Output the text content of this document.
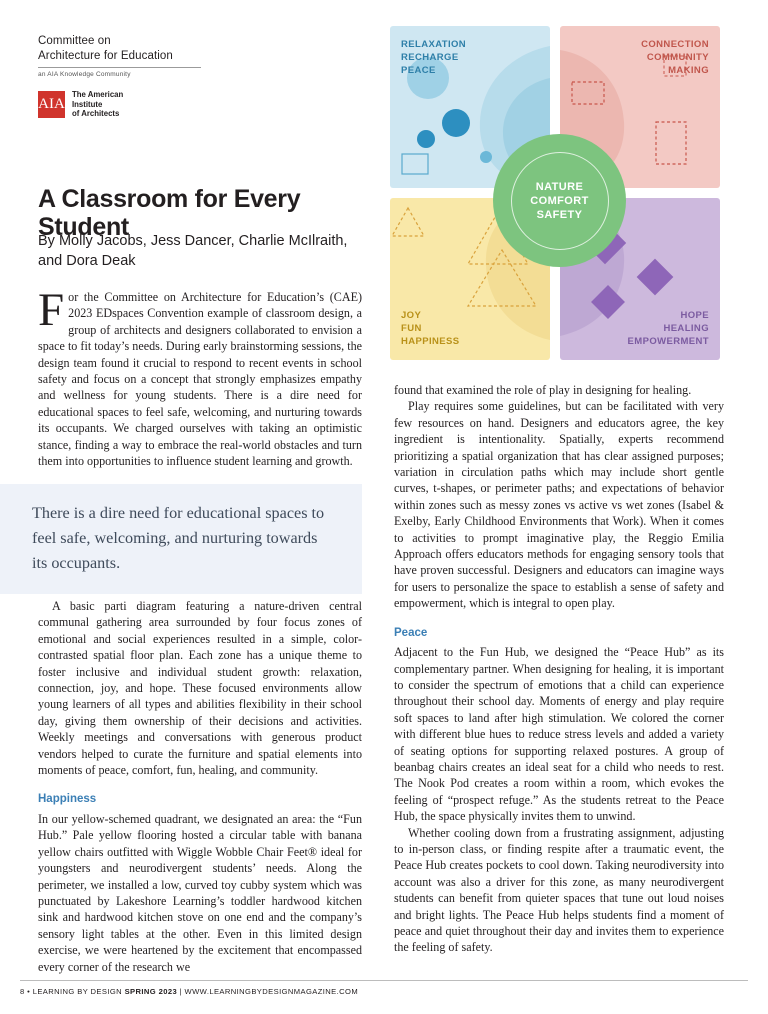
Committee on
Architecture for Education
an AIA Knowledge Community
AIA
The American
Institute
of Architects
A Classroom for Every Student
By Molly Jacobs, Jess Dancer, Charlie McIlraith, and Dora Deak
For the Committee on Architecture for Education’s (CAE) 2023 EDspaces Convention example of classroom design, a group of architects and designers collaborated to envision a space to fit today’s needs. During early brainstorming sessions, the design team found it crucial to respond to recent events in school safety and focus on a concept that strongly emphasizes empathy and wellness for young students. There is a dire need for educational spaces to feel safe, welcoming, and nurturing towards its occupants. We charged ourselves with taking an optimistic stance, finding a way to embrace the real-world obstacles and turn them into opportunities to influence student learning and growth.
There is a dire need for educational spaces to feel safe, welcoming, and nurturing towards its occupants.

A basic parti diagram featuring a nature-driven central communal gathering area surrounded by four focus zones of emotional and social experiences resulted in a simple, color-contrasted spatial floor plan. Each zone has a unique theme to foster inclusive and individual student growth: relaxation, connection, joy, and hope. These focused environments allow young learners of all types and abilities flexibility in their school day, giving them ownership of their decisions and activities. Weekly meetings and conversations with generous product vendors helped to curate the furniture and spatial elements into moments of peace, comfort, fun, healing, and community.

Happiness

In our yellow-schemed quadrant, we designated an area: the “Fun Hub.” Pale yellow flooring hosted a circular table with banana yellow chairs outfitted with Wiggle Wobble Chair Feet® ideal for youngsters and neurodivergent students’ needs. Along the perimeter, we installed a low, curved toy cubby system which was punctuated by Lakeshore Learning’s toddler hardwood kitchen sink and hardwood kitchen stove on one end and the company’s sensory light tables at the other. Even in this limited design exercise, we were heartened by the excitement that encompassed every corner of the research we

found that examined the role of play in designing for healing.

Play requires some guidelines, but can be facilitated with very few resources on hand. Designers and educators agree, the key ingredient is intentionality. Spatially, experts recommend prioritizing a spatial organization that has clear assigned purposes; variation in circulation paths which may include short gentle curves, t-shapes, or perimeter paths; and expectations of behavior within zones such as messy zones vs active vs wet zones (Isabel & Exelby, Early Childhood Environments that Work). When it comes to activities to prompt imaginative play, the Reggio Emilia Approach offers educators methods for engaging sensory tools that have proven successful. Designers and educators can imagine ways for users to personalize the space to establish a sense of safety and empowerment, which is integral to open play.

Peace

Adjacent to the Fun Hub, we designed the “Peace Hub” as its complementary partner. When designing for healing, it is important to consider the spectrum of emotions that a child can experience throughout their school day. Moments of energy and play require soft spaces to land after high stimulation. We colored the corner with different blue hues to reduce stress levels and added a variety of seating options for supporting relaxed postures. A group of beanbag chairs creates an ideal seat for a child who needs to rest. The Nook Pod creates a room within a room, which evokes the feeling of “prospect refuge.” As the students retreat to the Peace Hub, the space physically invites them to unwind.

Whether cooling down from a frustrating assignment, adjusting to in-person class, or finding respite after a traumatic event, the Peace Hub creates pockets to cool down. Taking neurodiversity into account was also a driver for this zone, as many neurodivergent students can benefit from quieter spaces that tune out loud noises and bright lights. The Peace Hub helps students find a moment of peace and quiet throughout their day and invites them to experience the feeling of safety.

RELAXATION
RECHARGE
PEACE
CONNECTION
COMMUNITY
MAKING
JOY
FUN
HAPPINESS
HOPE
HEALING
EMPOWERMENT
NATURE
COMFORT
SAFETY
8 • LEARNING BY DESIGN SPRING 2023 | WWW.LEARNINGBYDESIGNMAGAZINE.COM
